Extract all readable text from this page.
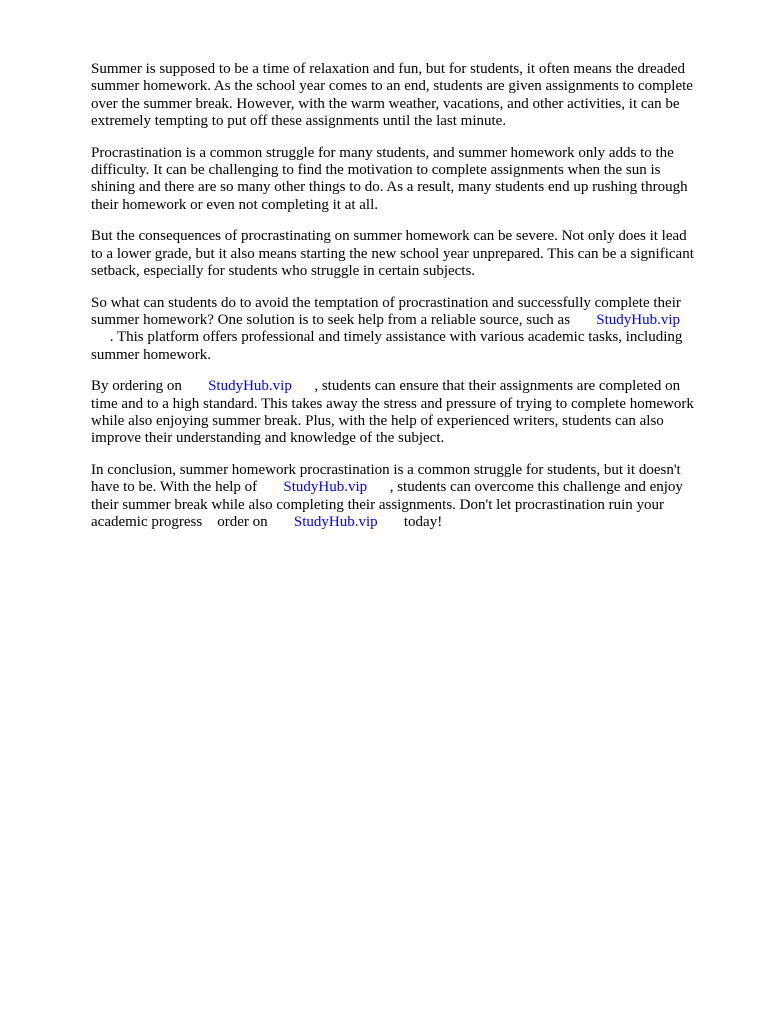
Summer is supposed to be a time of relaxation and fun, but for students, it often means the dreaded
summer homework. As the school year comes to an end, students are given assignments to complete
over the summer break. However, with the warm weather, vacations, and other activities, it can be
extremely tempting to put off these assignments until the last minute.
Procrastination is a common struggle for many students, and summer homework only adds to the
difficulty. It can be challenging to find the motivation to complete assignments when the sun is
shining and there are so many other things to do. As a result, many students end up rushing through
their homework or even not completing it at all.
But the consequences of procrastinating on summer homework can be severe. Not only does it lead
to a lower grade, but it also means starting the new school year unprepared. This can be a significant
setback, especially for students who struggle in certain subjects.
So what can students do to avoid the temptation of procrastination and successfully complete their
summer homework? One solution is to seek help from a reliable source, such as StudyHub.vip
. This platform offers professional and timely assistance with various academic tasks, including
summer homework.
By ordering on StudyHub.vip , students can ensure that their assignments are completed on
time and to a high standard. This takes away the stress and pressure of trying to complete homework
while also enjoying summer break. Plus, with the help of experienced writers, students can also
improve their understanding and knowledge of the subject.
In conclusion, summer homework procrastination is a common struggle for students, but it doesn't
have to be. With the help of StudyHub.vip , students can overcome this challenge and enjoy
their summer break while also completing their assignments. Don't let procrastination ruin your
academic progress order on StudyHub.vip today!
